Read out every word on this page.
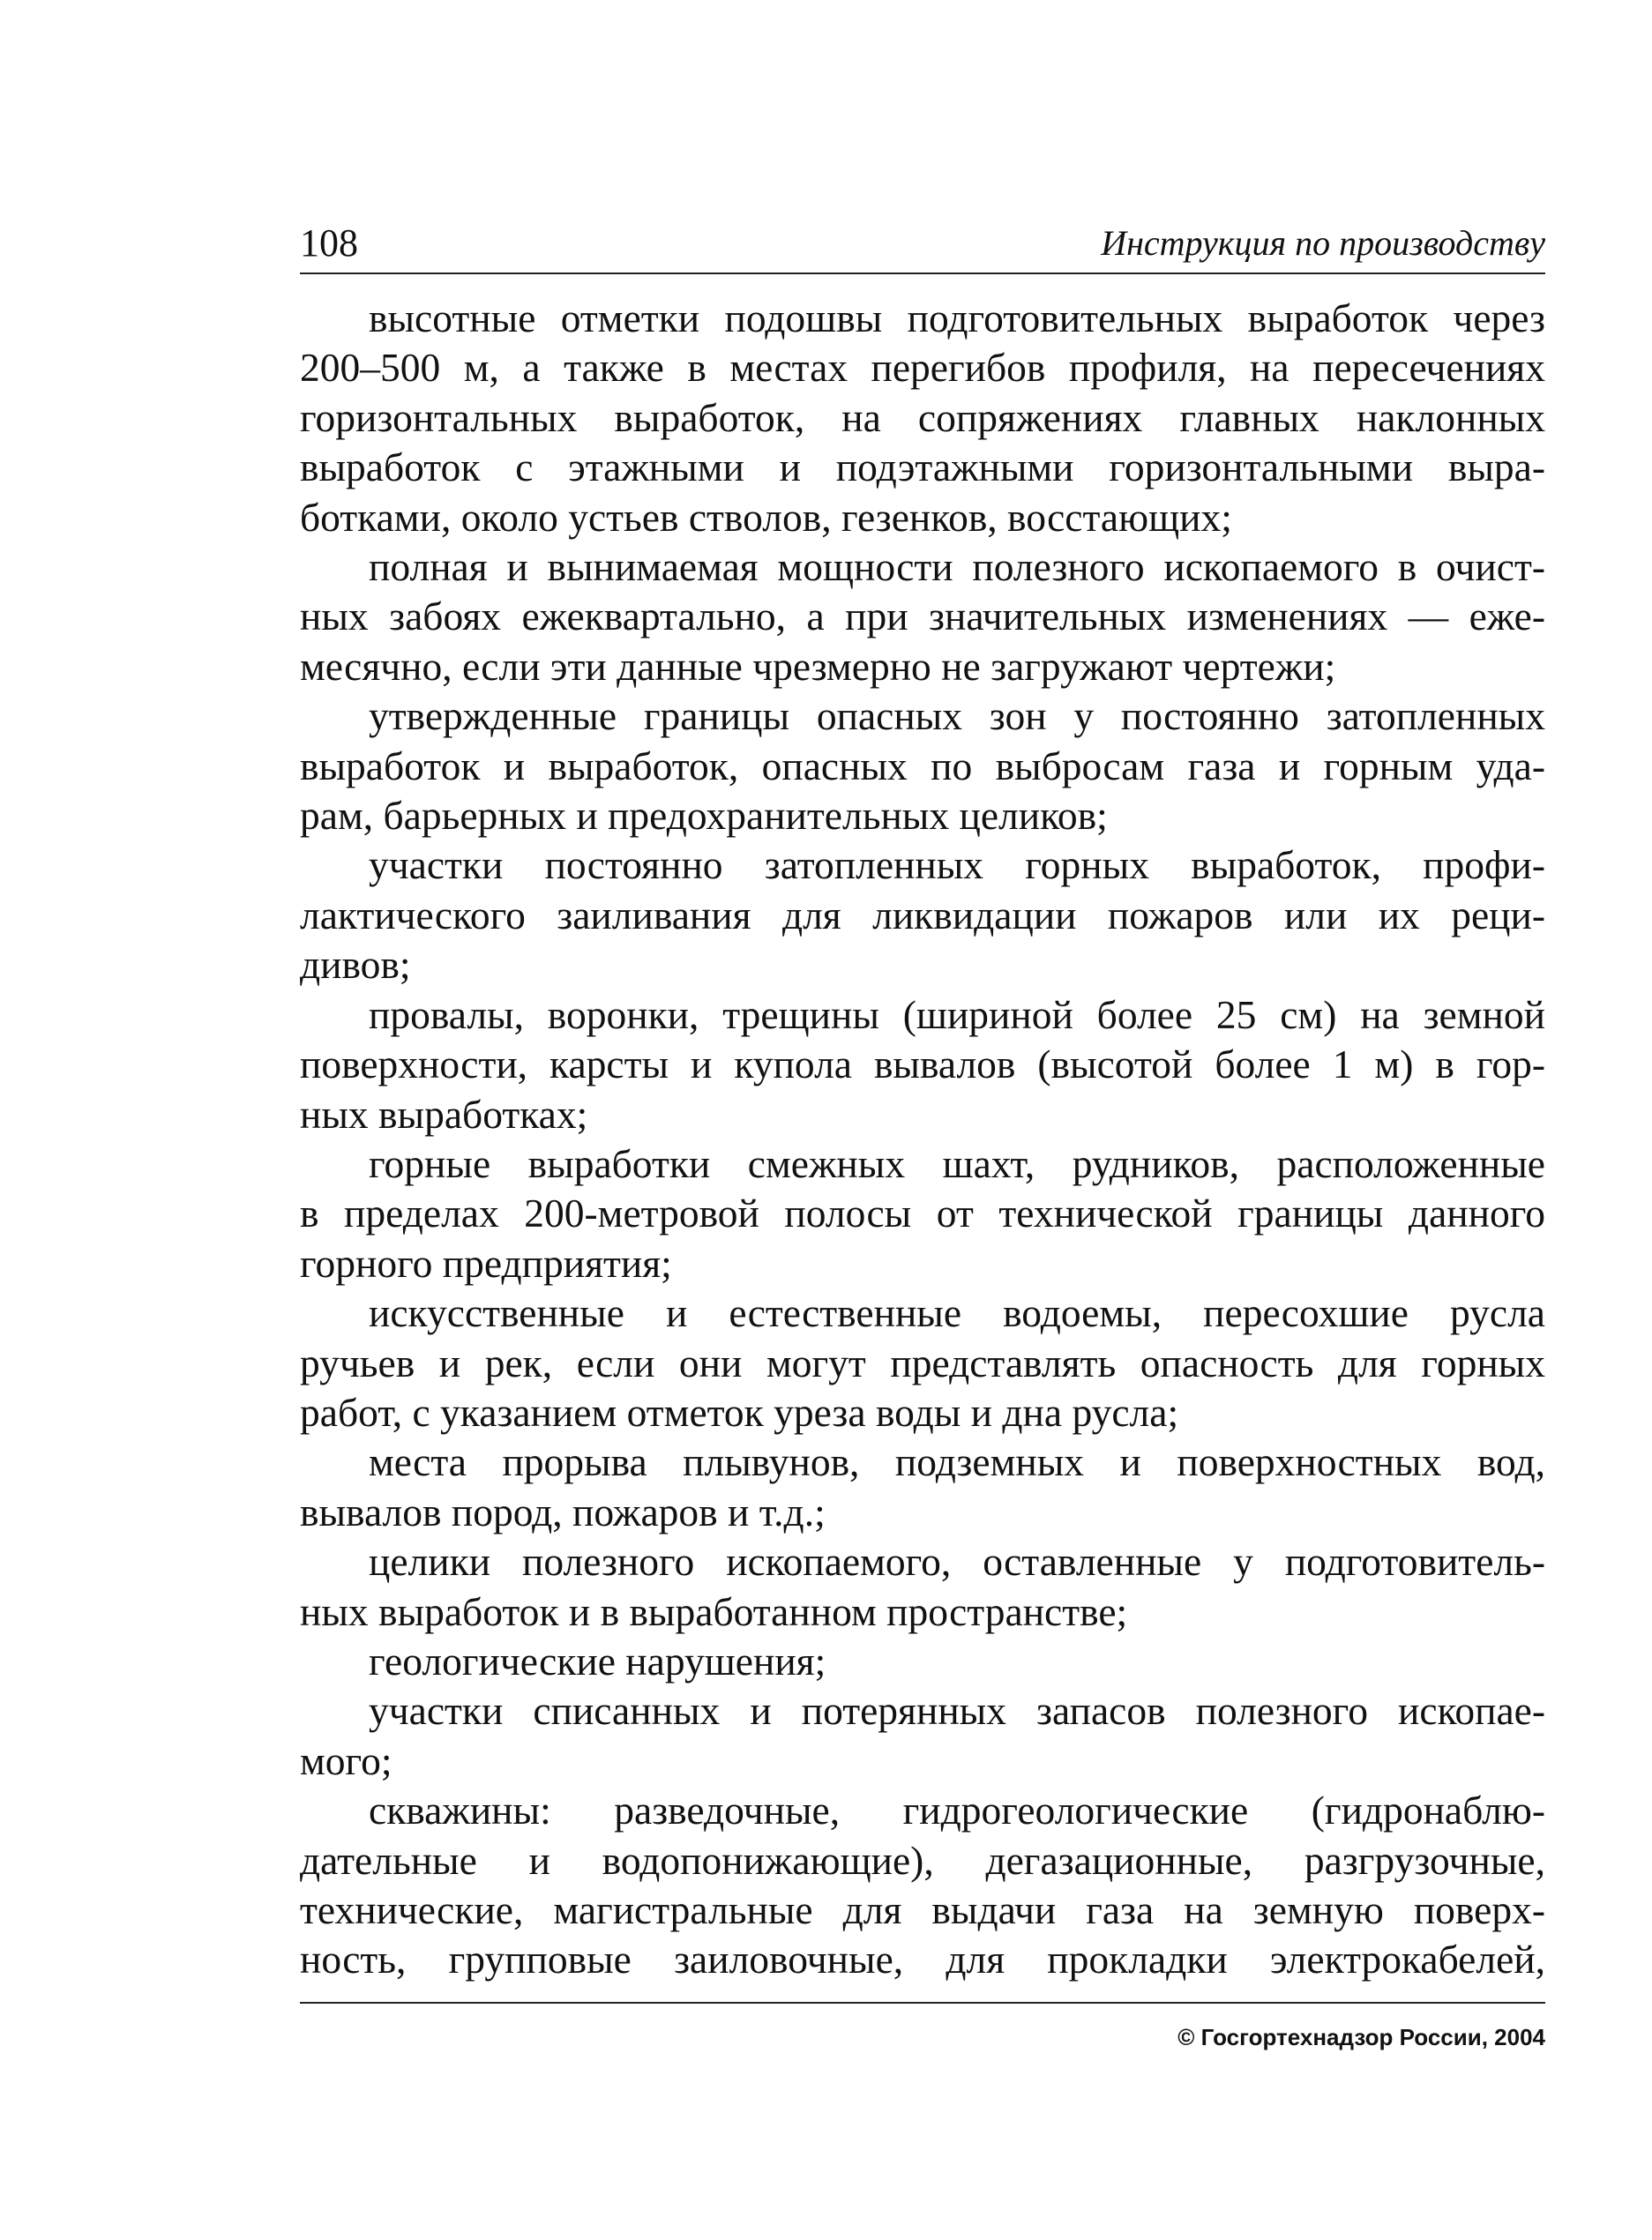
108	Инструкция по производству
высотные отметки подошвы подготовительных выработок через
200–500 м, а также в местах перегибов профиля, на пересечениях
горизонтальных выработок, на сопряжениях главных наклонных
выработок с этажными и подэтажными горизонтальными выра-
ботками, около устьев стволов, гезенков, восстающих;
полная и вынимаемая мощности полезного ископаемого в очист-
ных забоях ежеквартально, а при значительных изменениях — еже-
месячно, если эти данные чрезмерно не загружают чертежи;
утвержденные границы опасных зон у постоянно затопленных
выработок и выработок, опасных по выбросам газа и горным уда-
рам, барьерных и предохранительных целиков;
участки постоянно затопленных горных выработок, профи-
лактического заиливания для ликвидации пожаров или их реци-
дивов;
провалы, воронки, трещины (шириной более 25 см) на земной
поверхности, карсты и купола вывалов (высотой более 1 м) в гор-
ных выработках;
горные выработки смежных шахт, рудников, расположенные
в пределах 200-метровой полосы от технической границы данного
горного предприятия;
искусственные и естественные водоемы, пересохшие русла
ручьев и рек, если они могут представлять опасность для горных
работ, с указанием отметок уреза воды и дна русла;
места прорыва плывунов, подземных и поверхностных вод,
вывалов пород, пожаров и т.д.;
целики полезного ископаемого, оставленные у подготовитель-
ных выработок и в выработанном пространстве;
геологические нарушения;
участки списанных и потерянных запасов полезного ископае-
мого;
скважины: разведочные, гидрогеологические (гидронаблю-
дательные и водопонижающие), дегазационные, разгрузочные,
технические, магистральные для выдачи газа на земную поверх-
ность, групповые заиловочные, для прокладки электрокабелей,
© Госгортехнадзор России, 2004
